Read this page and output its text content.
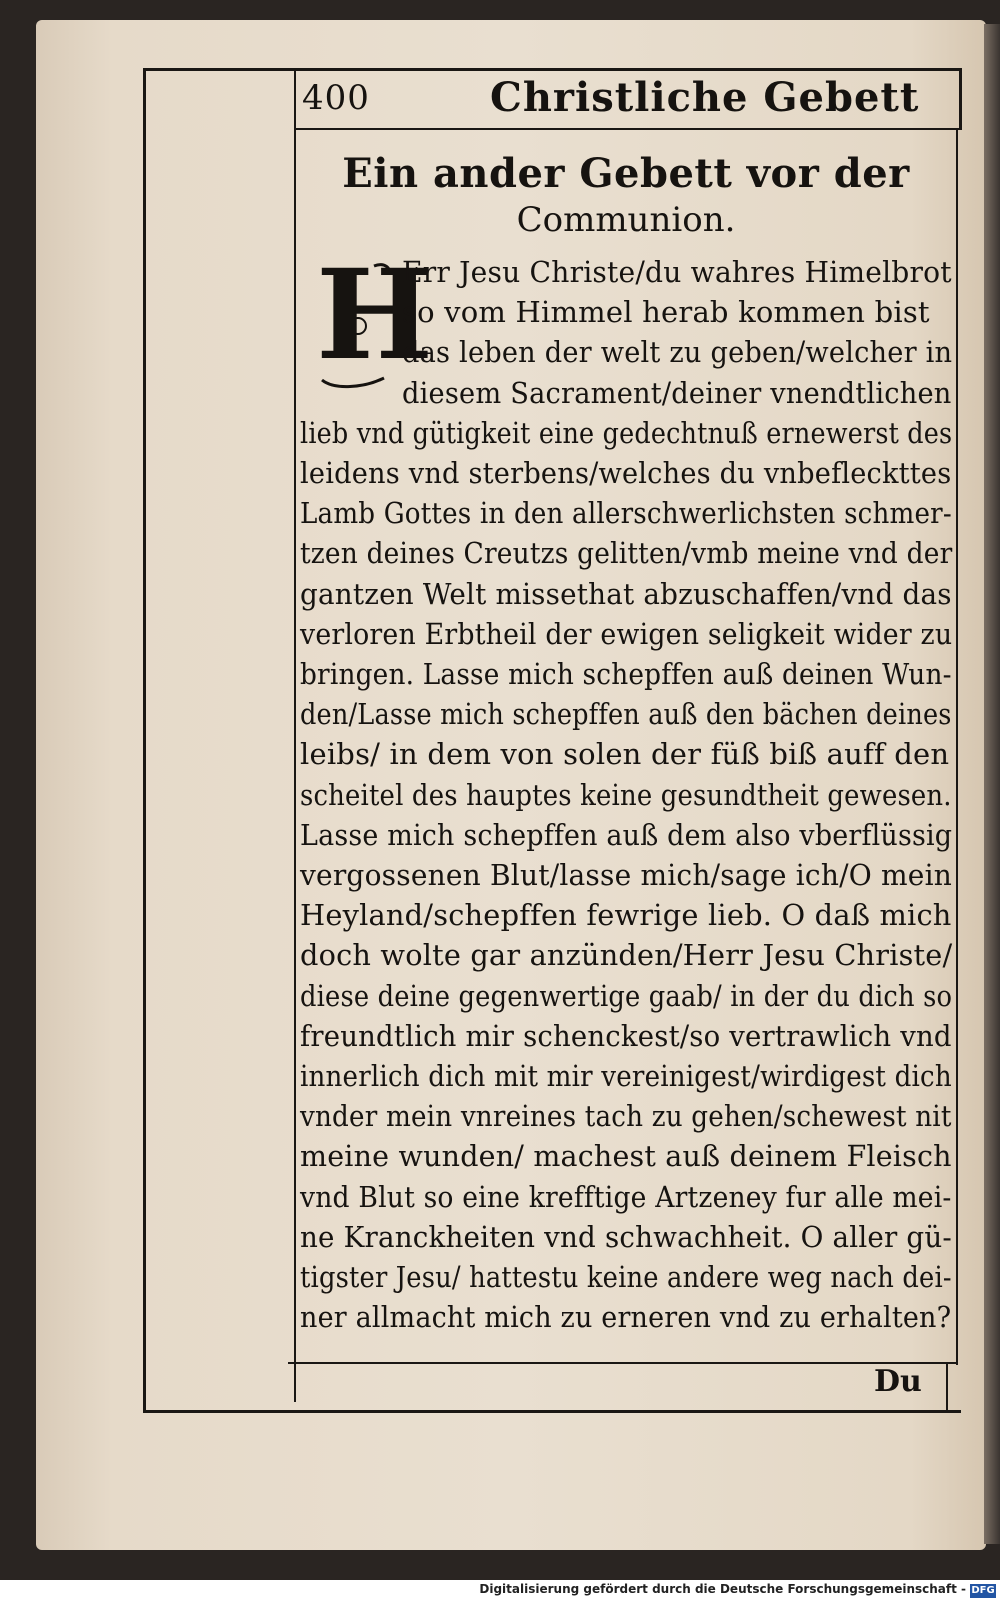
400	Christliche Gebett
Ein ander Gebett vor der
Communion.
H
Err Jesu Christe/du wahres Himelbrot
so vom Himmel herab kommen bist
das leben der welt zu geben/welcher in
diesem Sacrament/deiner vnendtlichen
lieb vnd gütigkeit eine gedechtnuß ernewerst des
leidens vnd sterbens/welches du vnbefleckttes
Lamb Gottes in den allerschwerlichsten schmer-
tzen deines Creutzs gelitten/vmb meine vnd der
gantzen Welt missethat abzuschaffen/vnd das
verloren Erbtheil der ewigen seligkeit wider zu
bringen. Lasse mich schepffen auß deinen Wun-
den/Lasse mich schepffen auß den bächen deines
leibs/ in dem von solen der füß biß auff den
scheitel des hauptes keine gesundtheit gewesen.
Lasse mich schepffen auß dem also vberflüssig
vergossenen Blut/lasse mich/sage ich/O mein
Heyland/schepffen fewrige lieb. O daß mich
doch wolte gar anzünden/Herr Jesu Christe/
diese deine gegenwertige gaab/ in der du dich so
freundtlich mir schenckest/so vertrawlich vnd
innerlich dich mit mir vereinigest/wirdigest dich
vnder mein vnreines tach zu gehen/schewest nit
meine wunden/ machest auß deinem Fleisch
vnd Blut so eine krefftige Artzeney fur alle mei-
ne Kranckheiten vnd schwachheit. O aller gü-
tigster Jesu/ hattestu keine andere weg nach dei-
ner allmacht mich zu erneren vnd zu erhalten?
Du
Digitalisierung gefördert durch die Deutsche Forschungsgemeinschaft - DFG
